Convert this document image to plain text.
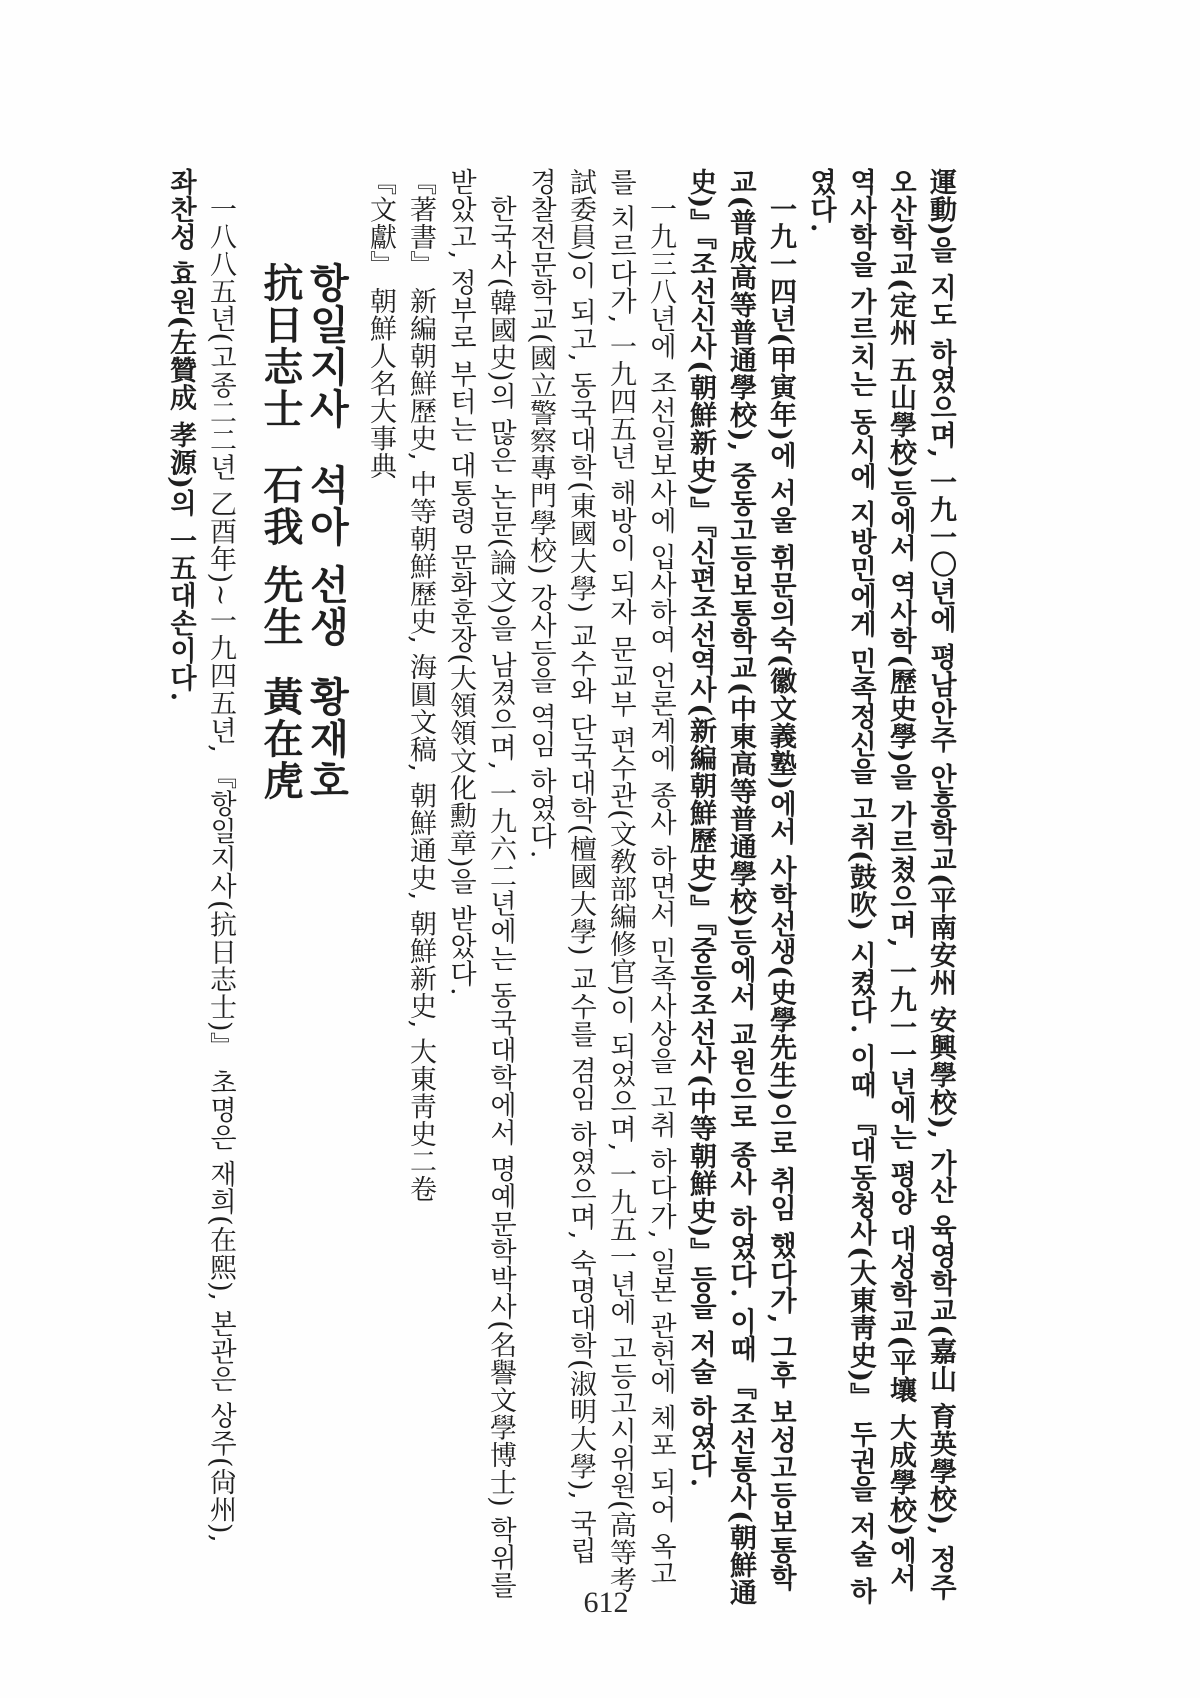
運動)을 지도 하였으며, 一九一〇년에 평남안주 안흥학교(平南安州 安興學校), 가산 육영학교(嘉山 育英學校), 정주
오산학교(定州 五山學校)등에서 역사학(歷史學)을 가르쳤으며, 一九一一년에는 평양 대성학교(平壤 大成學校)에서
역사학을 가르치는 동시에 지방민에게 민족정신을 고취(鼓吹) 시켰다. 이때 『대동청사(大東靑史)』 두권을 저술 하
였다.
一九一四년(甲寅年)에 서울 휘문의숙(徽文義塾)에서 사학선생(史學先生)으로 취임 했다가, 그후 보성고등보통학
교(普成高等普通學校), 중동고등보통학교(中東高等普通學校)등에서 교원으로 종사 하였다. 이때 『조선통사(朝鮮通
史)』『조선신사(朝鮮新史)』『신편조선역사(新編朝鮮歷史)』『중등조선사(中等朝鮮史)』등을 저술 하였다.
一九三八년에 조선일보사에 입사하여 언론계에 종사 하면서 민족사상을 고취 하다가, 일본 관헌에 체포 되어 옥고
를 치르다가, 一九四五년 해방이 되자 문교부 편수관(文敎部編修官)이 되었으며, 一九五一년에 고등고시위원(高等考
試委員)이 되고, 동국대학(東國大學) 교수와 단국대학(檀國大學) 교수를 겸임 하였으며, 숙명대학(淑明大學), 국립
경찰전문학교(國立警察專門學校) 강사등을 역임 하였다.
한국사(韓國史)의 많은 논문(論文)을 남겼으며, 一九六二년에는 동국대학에서 명예문학박사(名譽文學博士) 학위를
받았고, 정부로 부터는 대통령 문화훈장(大領領文化勳章)을 받았다.
『著書』 新編朝鮮歷史, 中等朝鮮歷史, 海圓文稿, 朝鮮通史, 朝鮮新史, 大東靑史二卷
『文獻』 朝鮮人名大事典
항일지사석아 선생황재호
抗日志士石我 先生黃在虎
一八八五년(고종二二년 乙酉年)~一九四五년, 『항일지사(抗日志士)』 초명은 재희(在熙), 본관은 상주(尙州),
좌찬성 효원(左贊成 孝源)의 一五대손이다.
612
